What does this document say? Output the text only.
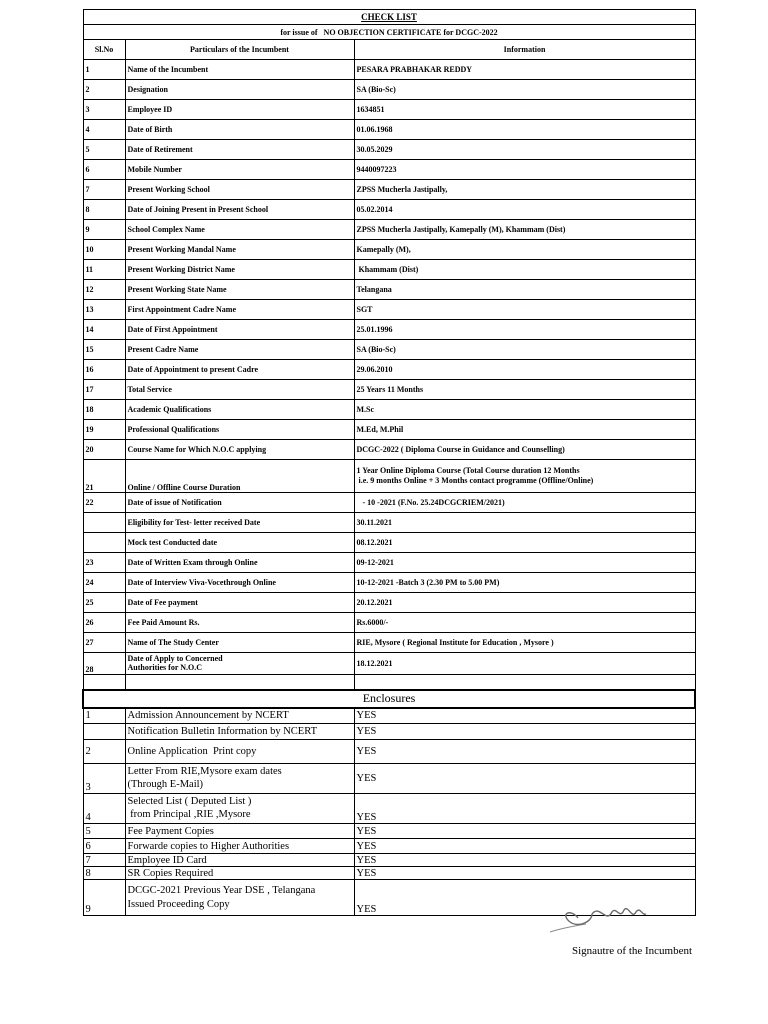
CHECK LIST		
for issue of   NO OBJECTION CERTIFICATE for DCGC-2022		
Sl.No	Particulars of the Incumbent	Information
1	Name of the Incumbent	PESARA PRABHAKAR REDDY
2	Designation	SA (Bio-Sc)
3	Employee ID	1634851
4	Date of Birth	01.06.1968
5	Date of Retirement	30.05.2029
6	Mobile Number	9440097223
7	Present Working School	ZPSS Mucherla Jastipally,
8	Date of Joining Present in Present School	05.02.2014
9	School Complex Name	ZPSS Mucherla Jastipally, Kamepally (M), Khammam (Dist)
10	Present Working Mandal Name	Kamepally (M),
11	Present Working District Name	Khammam (Dist)
12	Present Working State Name	Telangana
13	First Appointment Cadre Name	SGT
14	Date of First Appointment	25.01.1996
15	Present Cadre Name	SA (Bio-Sc)
16	Date of Appointment to present Cadre	29.06.2010
17	Total Service	25 Years 11 Months
18	Academic Qualifications	M.Sc
19	Professional Qualifications	M.Ed, M.Phil
20	Course Name for Which N.O.C applying	DCGC-2022 ( Diploma Course in Guidance and Counselling)
21	Online / Offline Course Duration	1 Year Online Diploma Course (Total Course duration 12 Months
i.e. 9 months Online + 3 Months contact programme (Offline/Online)

22	Date of issue of Notification	- 10 -2021 (F.No. 25.24DCGCRIEM/2021)
	Eligibility for Test- letter received Date	30.11.2021
	Mock test Conducted date	08.12.2021
23	Date of Written Exam through Online	09-12-2021
24	Date of Interview Viva-Vocethrough Online	10-12-2021 -Batch 3 (2.30 PM to 5.00 PM)
25	Date of Fee payment	20.12.2021
26	Fee Paid Amount Rs.	Rs.6000/-
27	Name of The Study Center	RIE, Mysore ( Regional Institute for Education , Mysore )
28	Date of Apply to Concerned
Authorities for N.O.C	18.12.2021

Enclosures		
1	Admission Announcement by NCERT	YES
	Notification Bulletin Information by NCERT	YES
2	Online Application  Print copy	YES
3	Letter From RIE,Mysore exam dates
(Through E-Mail)	YES
4	Selected List ( Deputed List )
from Principal ,RIE ,Mysore	YES
5	Fee Payment Copies	YES
6	Forwarde copies to Higher Authorities	YES
7	Employee ID Card	YES
8	SR Copies Required	YES
9	DCGC-2021 Previous Year DSE , Telangana
Issued Proceeding Copy	YES
Signautre of the Incumbent
